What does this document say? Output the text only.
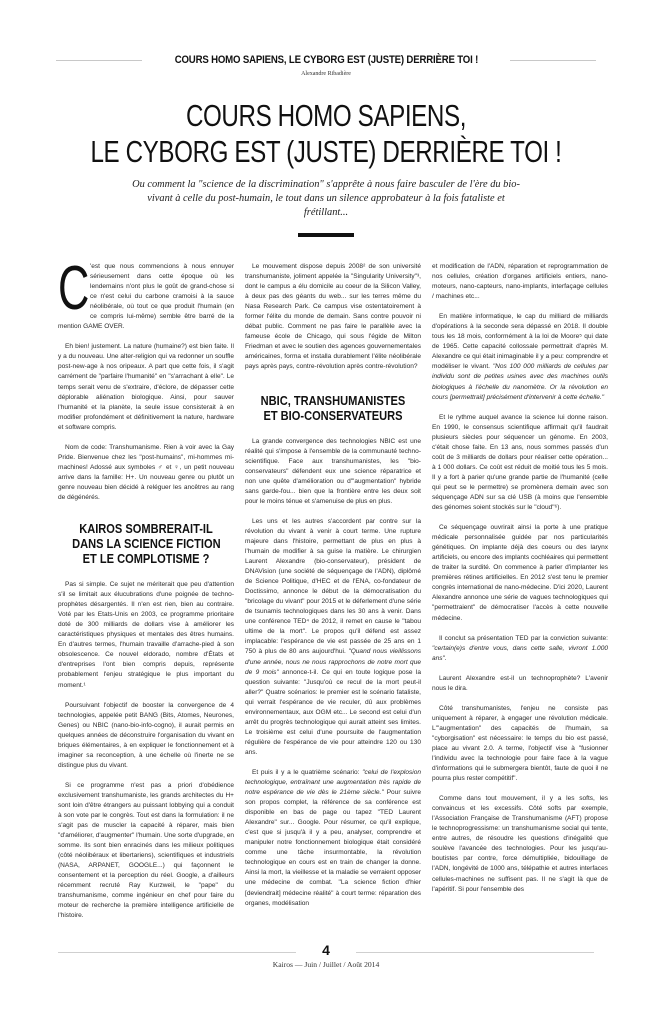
COURS HOMO SAPIENS, LE CYBORG EST (JUSTE) DERRIÈRE TOI !
Alexandre Ribadière
COURS HOMO SAPIENS,
LE CYBORG EST (JUSTE) DERRIÈRE TOI !
Ou comment la "science de la discrimination" s'apprête à nous faire basculer de l'ère du bio-vivant à celle du post-humain, le tout dans un silence approbateur à la fois fataliste et frétillant...

C 'est que nous commencions à nous ennuyer sérieusement dans cette époque où les lendemains n'ont plus le goût de grand-chose si ce n'est celui du carbone cramoisi à la sauce néolibérale, où tout ce que produit l'humain (en ce compris lui-même) semble être barré de la mention GAME OVER.

Eh bien! justement. La nature (humaine?) est bien faite. Il y a du nouveau. Une alter-religion qui va redonner un souffle post-new-age à nos oripeaux. A part que cette fois, il s'agit carrément de "parfaire l'humanité" en "s'arrachant à elle". Le temps serait venu de s'extraire, d'éclore, de dépasser cette déplorable aliénation biologique. Ainsi, pour sauver l'humanité et la planète, la seule issue consisterait à en modifier profondément et définitivement la nature, hardware et software compris.

Nom de code: Transhumanisme. Rien à voir avec la Gay Pride. Bienvenue chez les "post-humains", mi-hommes mi-machines! Adossé aux symboles ♂ et ♀, un petit nouveau arrive dans la famille: H+. Un nouveau genre ou plutôt un genre nouveau bien décidé à reléguer les ancêtres au rang de dégénérés.

KAIROS SOMBRERAIT-IL
DANS LA SCIENCE FICTION
ET LE COMPLOTISME ?

Pas si simple. Ce sujet ne mériterait que peu d'attention s'il se limitait aux élucubrations d'une poignée de techno-prophètes désargentés. Il n'en est rien, bien au contraire. Voté par les Etats-Unis en 2003, ce programme prioritaire doté de 300 milliards de dollars vise à améliorer les caractéristiques physiques et mentales des êtres humains. En d'autres termes, l'humain travaille d'arrache-pied à son obsolescence. Ce nouvel eldorado, nombre d'États et d'entreprises l'ont bien compris depuis, représente probablement l'enjeu stratégique le plus important du moment.¹

Poursuivant l'objectif de booster la convergence de 4 technologies, appelée petit BANG (Bits, Atomes, Neurones, Genes) ou NBIC (nano-bio-info-cogno), il aurait permis en quelques années de déconstruire l'organisation du vivant en briques élémentaires, à en expliquer le fonctionnement et à imaginer sa reconception, à une échelle où l'inerte ne se distingue plus du vivant.

Si ce programme n'est pas a priori d'obédience exclusivement transhumaniste, les grands architectes du H+ sont loin d'être étrangers au puissant lobbying qui a conduit à son vote par le congrès. Tout est dans la formulation: il ne s'agit pas de muscler la capacité à réparer, mais bien "d'améliorer, d'augmenter" l'humain. Une sorte d'upgrade, en somme. Ils sont bien enracinés dans les milieux politiques (côté néolibéraux et libertariens), scientifiques et industriels (NASA, ARPANET, GOOGLE...) qui façonnent le consentement et la perception du réel. Google, a d'ailleurs récemment recruté Ray Kurzweil, le "pape" du transhumanisme, comme ingénieur en chef pour faire du moteur de recherche la première intelligence artificielle de l'histoire.

Le mouvement dispose depuis 2008² de son université transhumaniste, joliment appelée la "Singularity University"³, dont le campus a élu domicile au coeur de la Silicon Valley, à deux pas des géants du web... sur les terres même du Nasa Research Park. Ce campus vise ostentatoirement à former l'élite du monde de demain. Sans contre pouvoir ni débat public. Comment ne pas faire le parallèle avec la fameuse école de Chicago, qui sous l'égide de Milton Friedman et avec le soutien des agences gouvernementales américaines, forma et installa durablement l'élite néolibérale pays après pays, contre-révolution après contre-révolution?

NBIC, TRANSHUMANISTES
ET BIO-CONSERVATEURS

La grande convergence des technologies NBIC est une réalité qui s'impose à l'ensemble de la communauté techno-scientifique. Face aux transhumanistes, les "bio-conservateurs" défendent eux une science réparatrice et non une quête d'amélioration ou d'"augmentation" hybride sans garde-fou... bien que la frontière entre les deux soit pour le moins ténue et s'amenuise de plus en plus.

Les uns et les autres s'accordent par contre sur la révolution du vivant à venir à court terme. Une rupture majeure dans l'histoire, permettant de plus en plus à l'humain de modifier à sa guise la matière. Le chirurgien Laurent Alexandre (bio-conservateur), président de DNAVision (une société de séquençage de l'ADN), diplômé de Science Politique, d'HEC et de l'ENA, co-fondateur de Doctissimo, annonce le début de la démocratisation du "bricolage du vivant" pour 2015 et le déferlement d'une série de tsunamis technologiques dans les 30 ans à venir. Dans une conférence TED⁴ de 2012, il remet en cause le "tabou ultime de la mort". Le propos qu'il défend est assez implacable: l'espérance de vie est passée de 25 ans en 1 750 à plus de 80 ans aujourd'hui. "Quand nous vieillissons d'une année, nous ne nous rapprochons de notre mort que de 9 mois" annonce-t-il. Ce qui en toute logique pose la question suivante: "Jusqu'où ce recul de la mort peut-il aller?" Quatre scénarios: le premier est le scénario fataliste, qui verrait l'espérance de vie reculer, dû aux problèmes environnementaux, aux OGM etc... Le second est celui d'un arrêt du progrès technologique qui aurait atteint ses limites. Le troisième est celui d'une poursuite de l'augmentation régulière de l'espérance de vie pour atteindre 120 ou 130 ans.

Et puis il y a le quatrième scénario: "celui de l'explosion technologique, entraînant une augmentation très rapide de notre espérance de vie dès le 21ème siècle." Pour suivre son propos complet, la référence de sa conférence est disponible en bas de page ou tapez "TED Laurent Alexandre" sur... Google. Pour résumer, ce qu'il explique, c'est que si jusqu'à il y a peu, analyser, comprendre et manipuler notre fonctionnement biologique était considéré comme une tâche insurmontable, la révolution technologique en cours est en train de changer la donne. Ainsi la mort, la vieillesse et la maladie se verraient opposer une médecine de combat. "La science fiction d'hier [deviendrait] médecine réalité" à court terme: réparation des organes, modélisation

et modification de l'ADN, réparation et reprogrammation de nos cellules, création d'organes artificiels entiers, nano-moteurs, nano-capteurs, nano-implants, interfaçage cellules / machines etc...

En matière informatique, le cap du milliard de milliards d'opérations à la seconde sera dépassé en 2018. Il double tous les 18 mois, conformément à la loi de Moore⁵ qui date de 1965. Cette capacité collossale permettrait d'après M. Alexandre ce qui était inimaginable il y a peu: comprendre et modéliser le vivant. "Nos 100 000 milliards de cellules par individu sont de petites usines avec des machines outils biologiques à l'échelle du nanomètre. Or la révolution en cours [permettrait] précisément d'intervenir à cette échelle."

Et le rythme auquel avance la science lui donne raison. En 1990, le consensus scientifique affirmait qu'il faudrait plusieurs siècles pour séquencer un génome. En 2003, c'était chose faite. En 13 ans, nous sommes passés d'un coût de 3 milliards de dollars pour réaliser cette opération... à 1 000 dollars. Ce coût est réduit de moitié tous les 5 mois. Il y a fort à parier qu'une grande partie de l'humanité (celle qui peut se le permettre) se promènera demain avec son séquençage ADN sur sa clé USB (à moins que l'ensemble des génomes soient stockés sur le "cloud"⁶).

Ce séquençage ouvrirait ainsi la porte à une pratique médicale personnalisée guidée par nos particularités génétiques. On implante déjà des coeurs ou des larynx artificiels, ou encore des implants cochléaires qui permettent de traiter la surdité. On commence à parler d'implanter les premières rétines artificielles. En 2012 s'est tenu le premier congrès international de nano-médecine. D'ici 2020, Laurent Alexandre annonce une série de vagues technologiques qui "permettraient" de démocratiser l'accès à cette nouvelle médecine.

Il conclut sa présentation TED par la conviction suivante: "certain(e)s d'entre vous, dans cette salle, vivront 1.000 ans".

Laurent Alexandre est-il un technoprophète? L'avenir nous le dira.

Côté transhumanistes, l'enjeu ne consiste pas uniquement à réparer, à engager une révolution médicale. L'"augmentation" des capacités de l'humain, sa "cyborgisation" est nécessaire: le temps du bio est passé, place au vivant 2.0. A terme, l'objectif vise à "fusionner l'individu avec la technologie pour faire face à la vague d'informations qui le submergera bientôt, faute de quoi il ne pourra plus rester compétitif".

Comme dans tout mouvement, il y a les softs, les convaincus et les excessifs. Côté softs par exemple, l'Association Française de Transhumanisme (AFT) propose le technoprogressisme: un transhumanisme social qui tente, entre autres, de résoudre les questions d'inégalité que soulève l'avancée des technologies. Pour les jusqu'au-boutistes par contre, force démultipliée, bidouillage de l'ADN, longévité de 1000 ans, télépathie et autres interfaces cellules-machines ne suffisent pas. Il ne s'agit là que de l'apéritif. Si pour l'ensemble des

4
Kairos — Juin / Juillet / Août 2014
